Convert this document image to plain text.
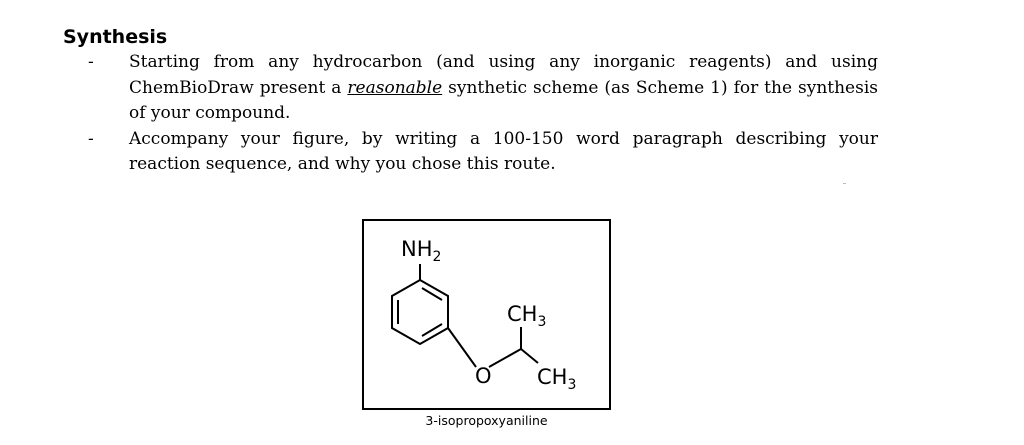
Synthesis
-	Starting from any hydrocarbon (and using any inorganic reagents) and using ChemBioDraw present a reasonable synthetic scheme (as Scheme 1) for the synthesis of your compound.
-	Accompany your figure, by writing a 100-150 word paragraph describing your reaction sequence, and why you chose this route.
$NH_2$
$CH_3$
O $CH_3$
3-isopropoxyaniline
